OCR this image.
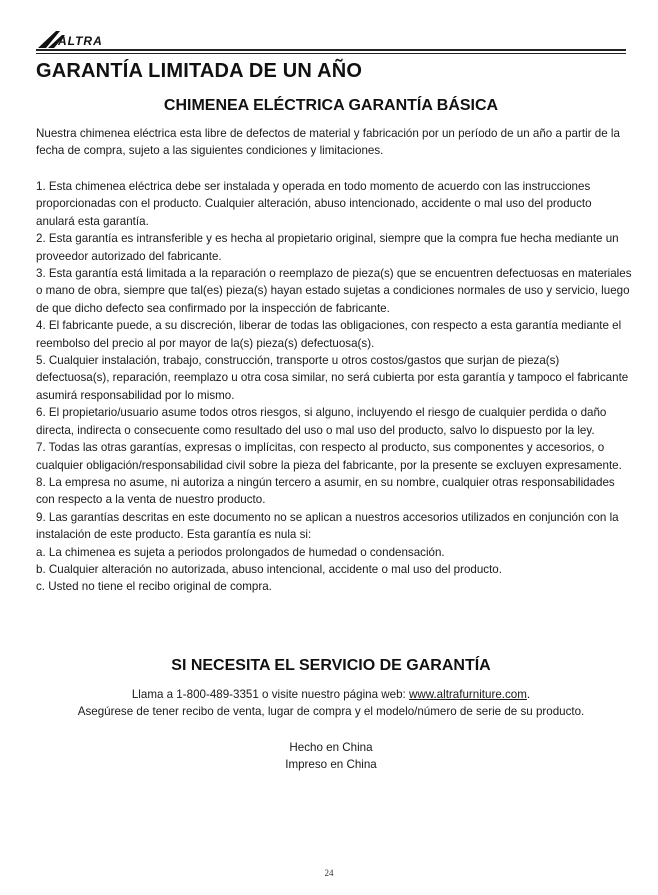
ALTRA
GARANTÍA LIMITADA DE UN AÑO
CHIMENEA ELÉCTRICA GARANTÍA BÁSICA

Nuestra chimenea eléctrica esta libre de defectos de material y fabricación por un período de un año a partir de la fecha de compra, sujeto a las siguientes condiciones y limitaciones.

1. Esta chimenea eléctrica debe ser instalada y operada en todo momento de acuerdo con las instrucciones proporcionadas con el producto. Cualquier alteración, abuso intencionado, accidente o mal uso del producto anulará esta garantía.

2. Esta garantía es intransferible y es hecha al propietario original, siempre que la compra fue hecha mediante un proveedor autorizado del fabricante.

3. Esta garantía está limitada a la reparación o reemplazo de pieza(s) que se encuentren defectuosas en materiales o mano de obra, siempre que tal(es) pieza(s) hayan estado sujetas a condiciones normales de uso y servicio, luego de que dicho defecto sea confirmado por la inspección de fabricante.

4. El fabricante puede, a su discreción, liberar de todas las obligaciones, con respecto a esta garantía mediante el reembolso del precio al por mayor de la(s) pieza(s) defectuosa(s).

5. Cualquier instalación, trabajo, construcción, transporte u otros costos/gastos que surjan de pieza(s) defectuosa(s), reparación, reemplazo u otra cosa similar, no será cubierta por esta garantía y tampoco el fabricante asumirá responsabilidad por lo mismo.

6. El propietario/usuario asume todos otros riesgos, si alguno, incluyendo el riesgo de cualquier perdida o daño directa, indirecta o consecuente como resultado del uso o mal uso del producto, salvo lo dispuesto por la ley.

7. Todas las otras garantías, expresas o implícitas, con respecto al producto, sus componentes y accesorios, o cualquier obligación/responsabilidad civil sobre la pieza del fabricante, por la presente se excluyen expresamente.

8. La empresa no asume, ni autoriza a ningún tercero a asumir, en su nombre, cualquier otras responsabilidades con respecto a la venta de nuestro producto.

9. Las garantías descritas en este documento no se aplican a nuestros accesorios utilizados en conjunción con la instalación de este producto. Esta garantía es nula si:

a. La chimenea es sujeta a periodos prolongados de humedad o condensación.

b. Cualquier alteración no autorizada, abuso intencional, accidente o mal uso del producto.

c. Usted no tiene el recibo original de compra.

SI NECESITA EL SERVICIO DE GARANTÍA

Llama a 1-800-489-3351 o visite nuestro página web: www.altrafurniture.com.

Asegúrese de tener recibo de venta, lugar de compra y el modelo/número de serie de su producto.

Hecho en China

Impreso en China

24
